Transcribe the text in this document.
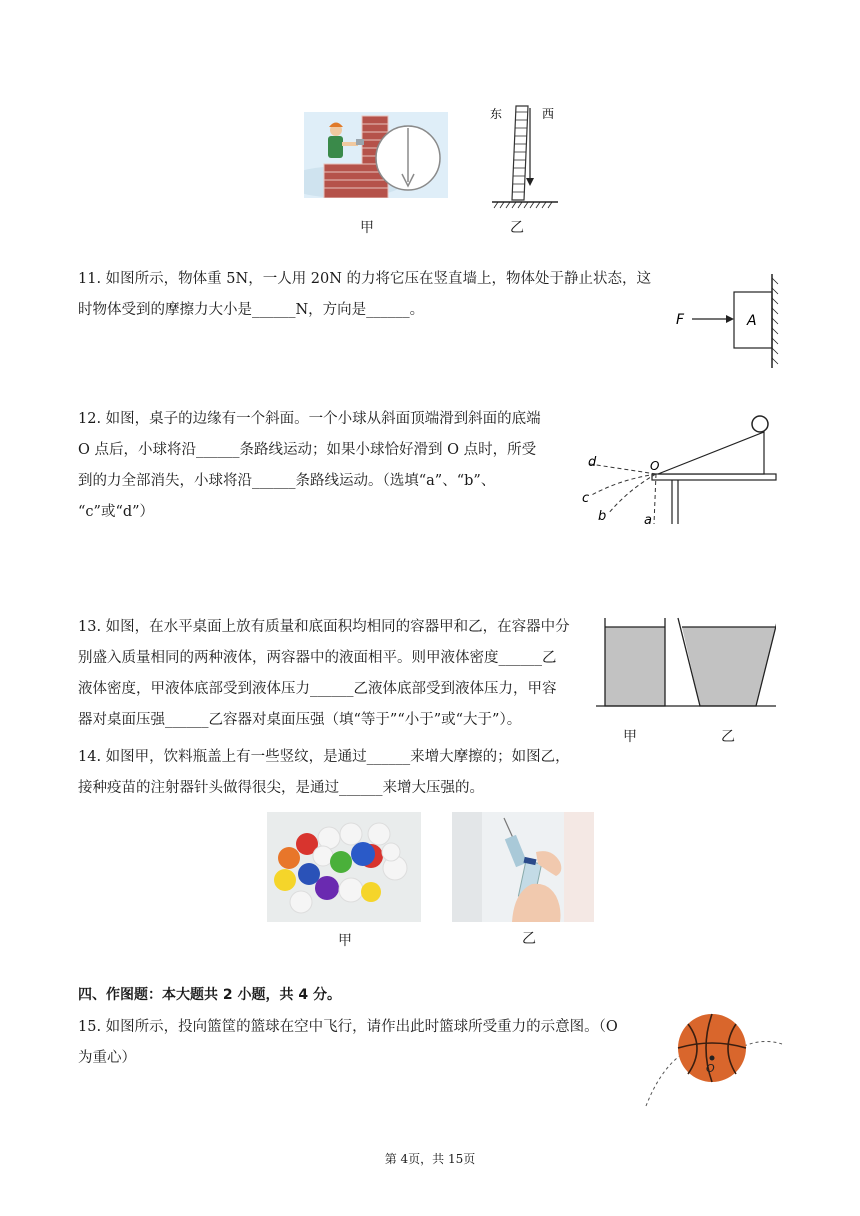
东	西
甲	乙
11. 如图所示，物体重 5N，一人用 20N 的力将它压在竖直墙上，物体处于静止状态，这
时物体受到的摩擦力大小是______N，方向是______。
F	A
12. 如图，桌子的边缘有一个斜面。一个小球从斜面顶端滑到斜面的底端
O 点后，小球将沿______条路线运动；如果小球恰好滑到 O 点时，所受
到的力全部消失，小球将沿______条路线运动。（选填“a”、“b”、
“c”或“d”）
d	O
c
b	a
13. 如图，在水平桌面上放有质量和底面积均相同的容器甲和乙，在容器中分
别盛入质量相同的两种液体，两容器中的液面相平。则甲液体密度______乙
液体密度，甲液体底部受到液体压力______乙液体底部受到液体压力，甲容
器对桌面压强______乙容器对桌面压强（填“等于”“小于”或“大于”）。
甲	乙
14. 如图甲，饮料瓶盖上有一些竖纹，是通过______来增大摩擦的；如图乙，
接种疫苗的注射器针头做得很尖，是通过______来增大压强的。
甲	乙
四、作图题：本大题共 2 小题，共 4 分。
15. 如图所示，投向篮筐的篮球在空中飞行，请作出此时篮球所受重力的示意图。（O
为重心）
O
第 4页，共 15页
